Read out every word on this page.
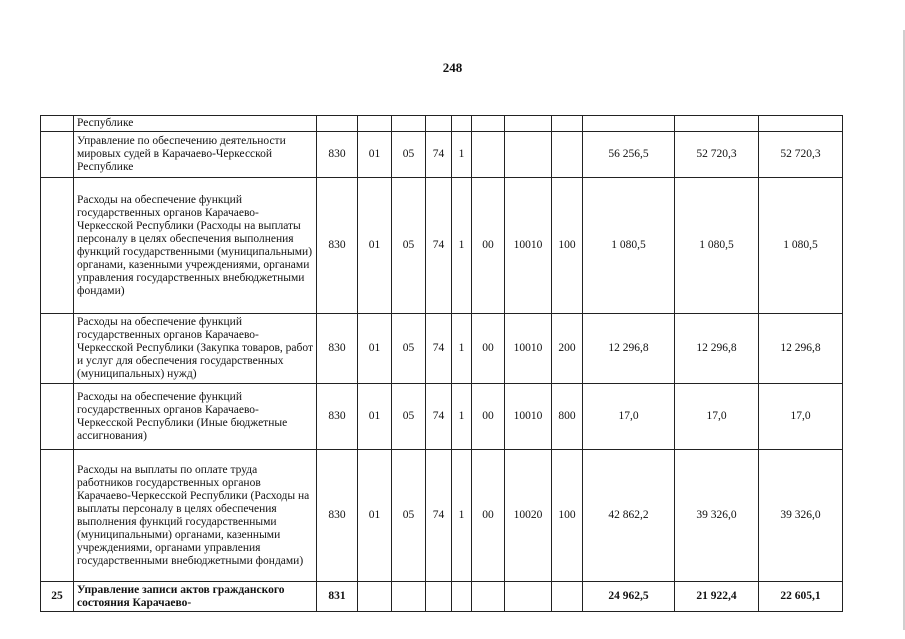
248
	Республике											
	Управление по обеспечению деятельности мировых судей в Карачаево-Черкесской Республике	830	01	05	74	1				56 256,5	52 720,3	52 720,3
	Расходы на обеспечение функций государственных органов Карачаево-Черкесской Республики (Расходы на выплаты персоналу в целях обеспечения выполнения функций государственными (муниципальными) органами, казенными учреждениями, органами управления государственных внебюджетными фондами)	830	01	05	74	1	00	10010	100	1 080,5	1 080,5	1 080,5
	Расходы на обеспечение функций государственных органов Карачаево-Черкесской Республики (Закупка товаров, работ и услуг для обеспечения государственных (муниципальных) нужд)	830	01	05	74	1	00	10010	200	12 296,8	12 296,8	12 296,8
	Расходы на обеспечение функций государственных органов Карачаево-Черкесской Республики (Иные бюджетные ассигнования)	830	01	05	74	1	00	10010	800	17,0	17,0	17,0
	Расходы на выплаты по оплате труда работников государственных органов Карачаево-Черкесской Республики (Расходы на выплаты персоналу в целях обеспечения выполнения функций государственными (муниципальными) органами, казенными учреждениями, органами управления государственными внебюджетными фондами)	830	01	05	74	1	00	10020	100	42 862,2	39 326,0	39 326,0
25	Управление записи актов гражданского состояния Карачаево-	831								24 962,5	21 922,4	22 605,1
